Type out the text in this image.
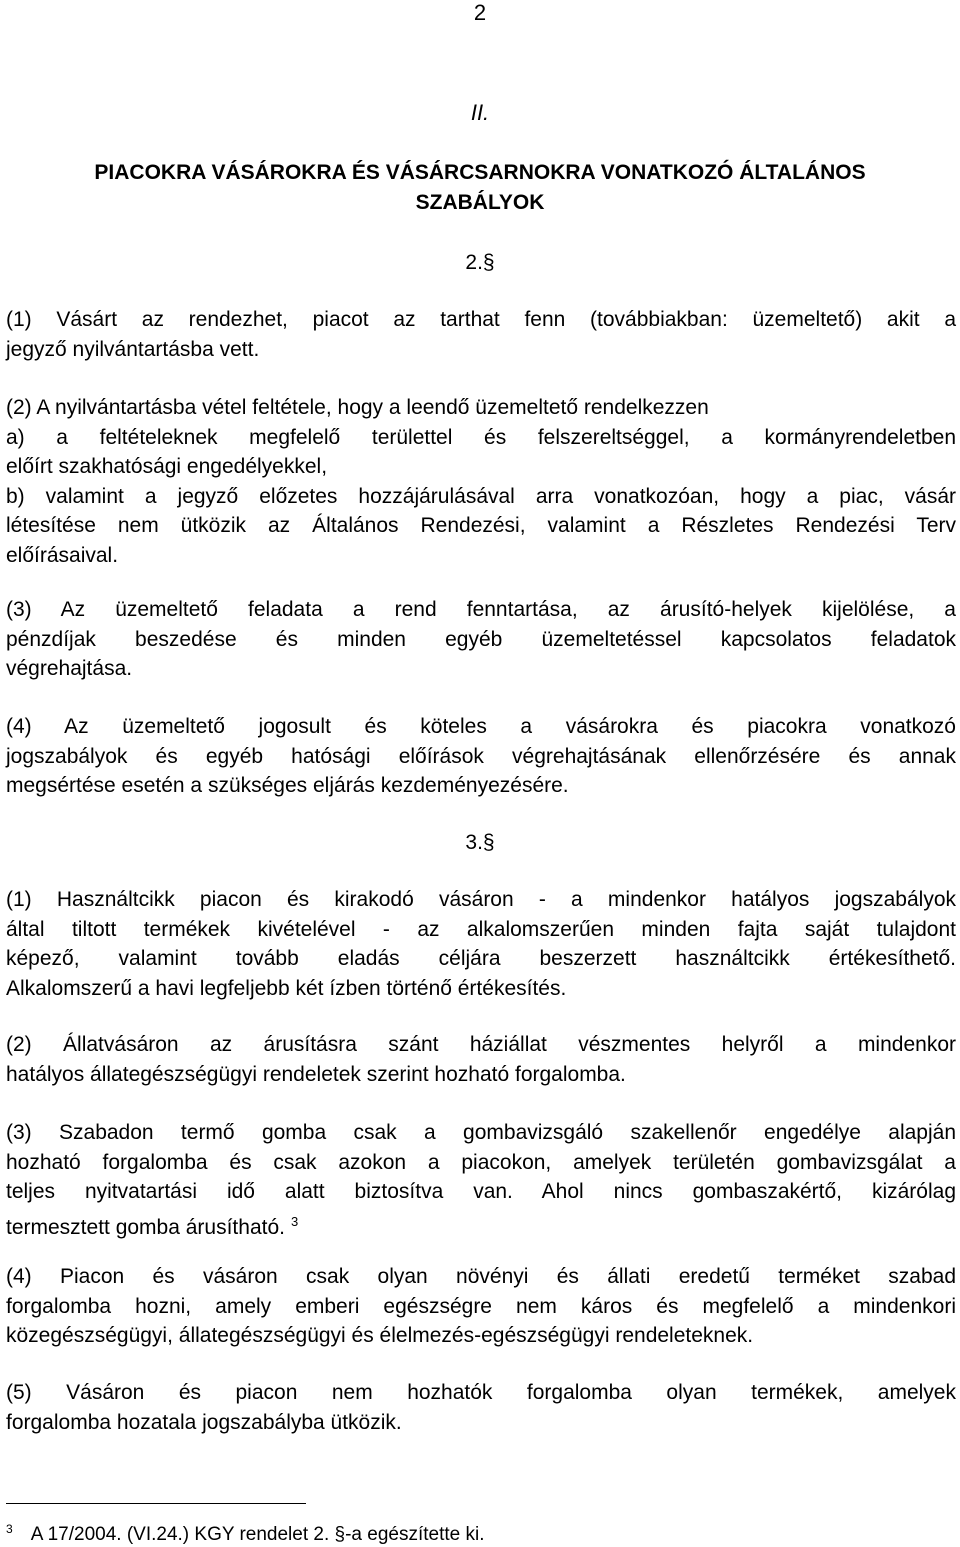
2
II.
PIACOKRA VÁSÁROKRA ÉS VÁSÁRCSARNOKRA VONATKOZÓ ÁLTALÁNOS
SZABÁLYOK
2.§
(1) Vásárt az rendezhet, piacot az tarthat fenn (továbbiakban: üzemeltető) akit a
jegyző nyilvántartásba vett.
(2) A nyilvántartásba vétel feltétele, hogy a leendő üzemeltető rendelkezzen
a) a feltételeknek megfelelő területtel és felszereltséggel, a kormányrendeletben
előírt szakhatósági engedélyekkel,
b) valamint a jegyző előzetes hozzájárulásával arra vonatkozóan, hogy a piac, vásár
létesítése nem ütközik az Általános Rendezési, valamint a Részletes Rendezési Terv
előírásaival.
(3) Az üzemeltető feladata a rend fenntartása, az árusító-helyek kijelölése, a
pénzdíjak beszedése és minden egyéb üzemeltetéssel kapcsolatos feladatok
végrehajtása.
(4) Az üzemeltető jogosult és köteles a vásárokra és piacokra vonatkozó
jogszabályok és egyéb hatósági előírások végrehajtásának ellenőrzésére és annak
megsértése esetén a szükséges eljárás kezdeményezésére.
3.§
(1) Használtcikk piacon és kirakodó vásáron - a mindenkor hatályos jogszabályok
által tiltott termékek kivételével - az alkalomszerűen minden fajta saját tulajdont
képező, valamint tovább eladás céljára beszerzett használtcikk értékesíthető.
Alkalomszerű a havi legfeljebb két ízben történő értékesítés.
(2) Állatvásáron az árusításra szánt háziállat vészmentes helyről a mindenkor
hatályos állategészségügyi rendeletek szerint hozható forgalomba.
(3) Szabadon termő gomba csak a gombavizsgáló szakellenőr engedélye alapján
hozható forgalomba és csak azokon a piacokon, amelyek területén gombavizsgálat a
teljes nyitvatartási idő alatt biztosítva van. Ahol nincs gombaszakértő, kizárólag
termesztett gomba árusítható. $^3$
(4) Piacon és vásáron csak olyan növényi és állati eredetű terméket szabad
forgalomba hozni, amely emberi egészségre nem káros és megfelelő a mindenkori
közegészségügyi, állategészségügyi és élelmezés-egészségügyi rendeleteknek.
(5) Vásáron és piacon nem hozhatók forgalomba olyan termékek, amelyek
forgalomba hozatala jogszabályba ütközik.
$^3$ A 17/2004. (VI.24.) KGY rendelet 2. §-a egészítette ki.
